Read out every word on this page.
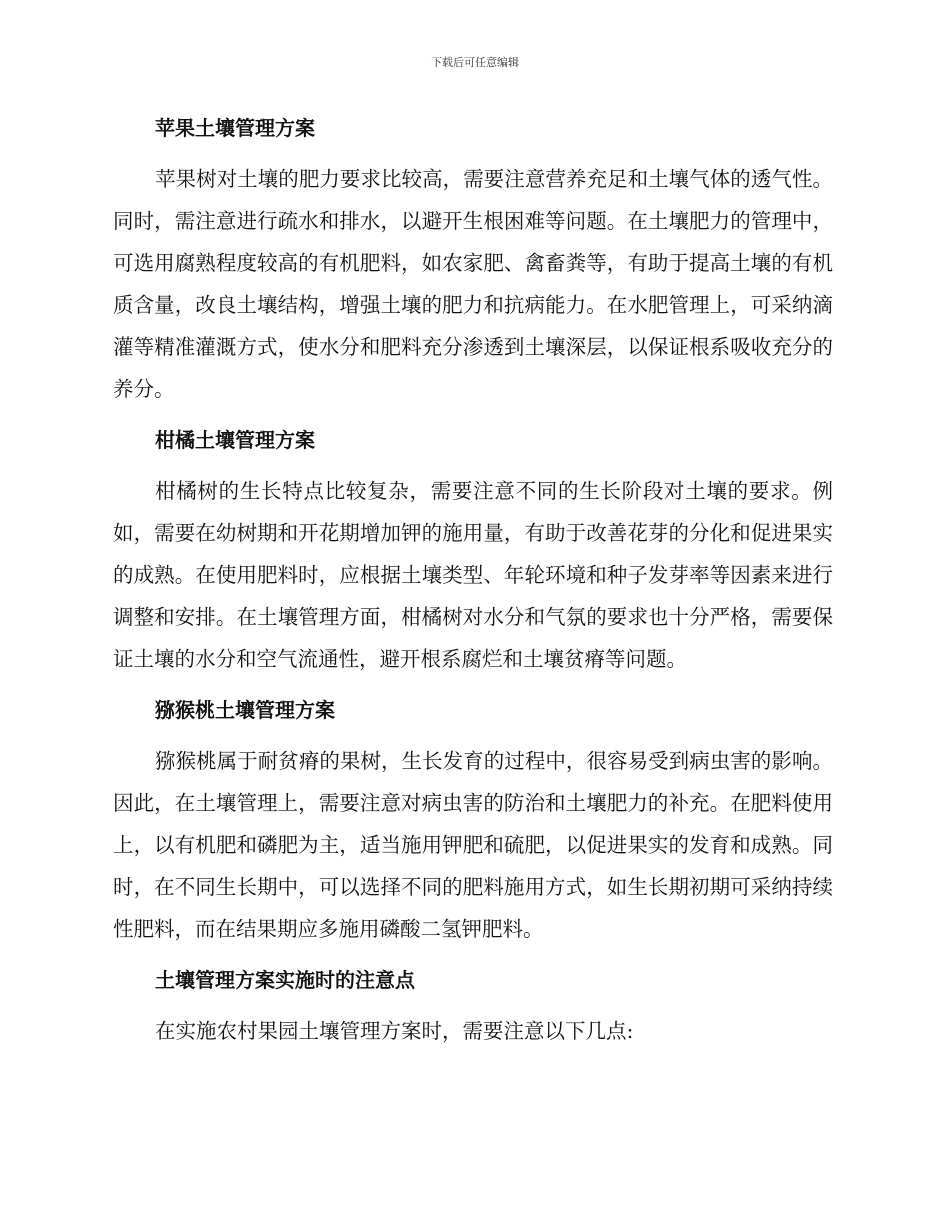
下载后可任意编辑
苹果土壤管理方案

苹果树对土壤的肥力要求比较高，需要注意营养充足和土壤气体的透气性。同时，需注意进行疏水和排水，以避开生根困难等问题。在土壤肥力的管理中，可选用腐熟程度较高的有机肥料，如农家肥、禽畜粪等，有助于提高土壤的有机质含量，改良土壤结构，增强土壤的肥力和抗病能力。在水肥管理上，可采纳滴灌等精准灌溉方式，使水分和肥料充分渗透到土壤深层，以保证根系吸收充分的养分。

柑橘土壤管理方案

柑橘树的生长特点比较复杂，需要注意不同的生长阶段对土壤的要求。例如，需要在幼树期和开花期增加钾的施用量，有助于改善花芽的分化和促进果实的成熟。在使用肥料时，应根据土壤类型、年轮环境和种子发芽率等因素来进行调整和安排。在土壤管理方面，柑橘树对水分和气氛的要求也十分严格，需要保证土壤的水分和空气流通性，避开根系腐烂和土壤贫瘠等问题。

猕猴桃土壤管理方案

猕猴桃属于耐贫瘠的果树，生长发育的过程中，很容易受到病虫害的影响。因此，在土壤管理上，需要注意对病虫害的防治和土壤肥力的补充。在肥料使用上，以有机肥和磷肥为主，适当施用钾肥和硫肥，以促进果实的发育和成熟。同时，在不同生长期中，可以选择不同的肥料施用方式，如生长期初期可采纳持续性肥料，而在结果期应多施用磷酸二氢钾肥料。

土壤管理方案实施时的注意点

在实施农村果园土壤管理方案时，需要注意以下几点:
